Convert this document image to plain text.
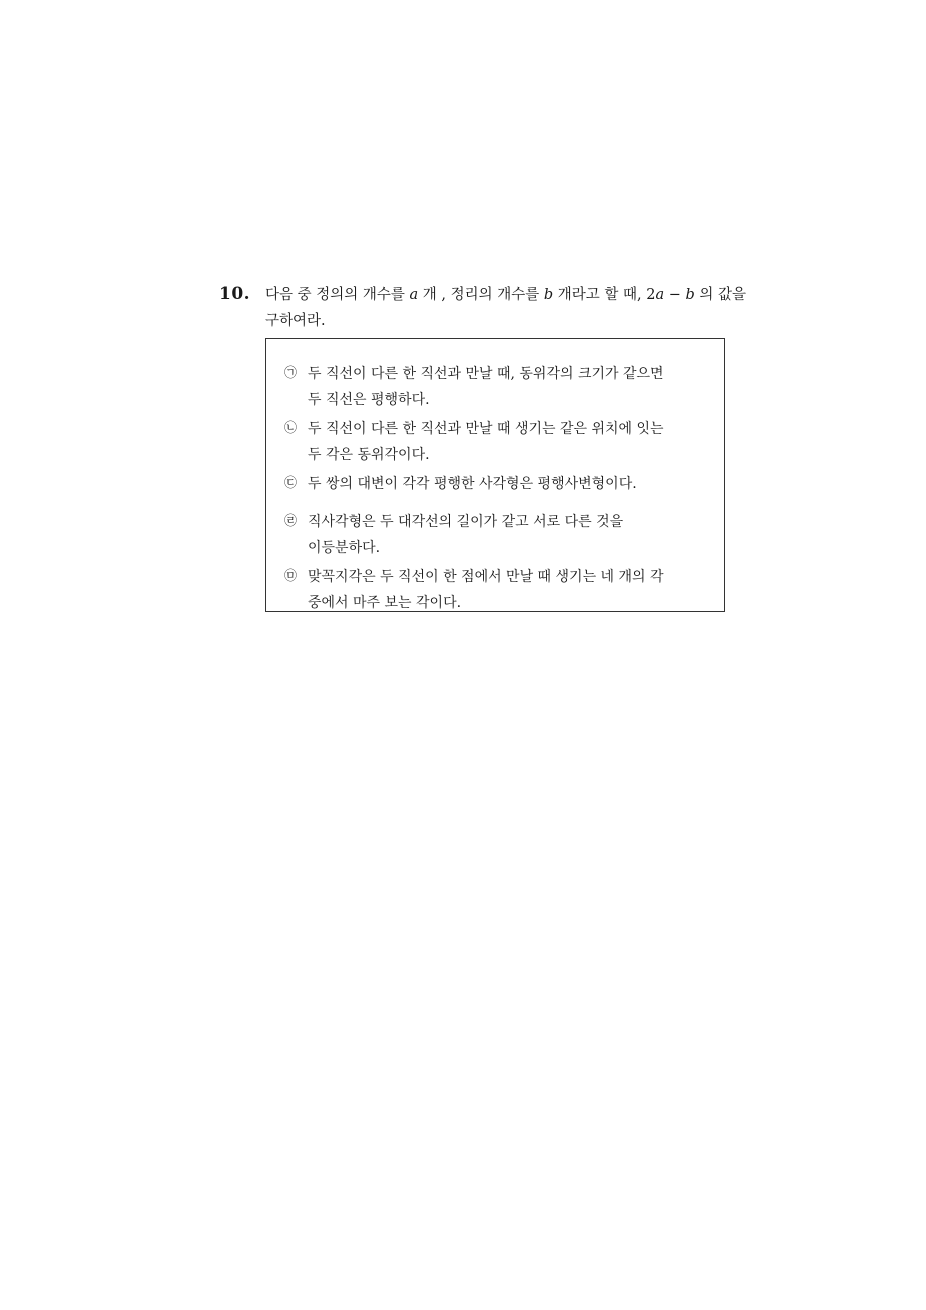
10. 다음 중 정의의 개수를 a 개 , 정리의 개수를 b 개라고 할 때, 2a − b 의 값을
구하여라.
㉠ 두 직선이 다른 한 직선과 만날 때, 동위각의 크기가 같으면
두 직선은 평행하다.
㉡ 두 직선이 다른 한 직선과 만날 때 생기는 같은 위치에 잇는
두 각은 동위각이다.
㉢ 두 쌍의 대변이 각각 평행한 사각형은 평행사변형이다.
㉣ 직사각형은 두 대각선의 길이가 같고 서로 다른 것을
이등분하다.
㉤ 맞꼭지각은 두 직선이 한 점에서 만날 때 생기는 네 개의 각
중에서 마주 보는 각이다.
